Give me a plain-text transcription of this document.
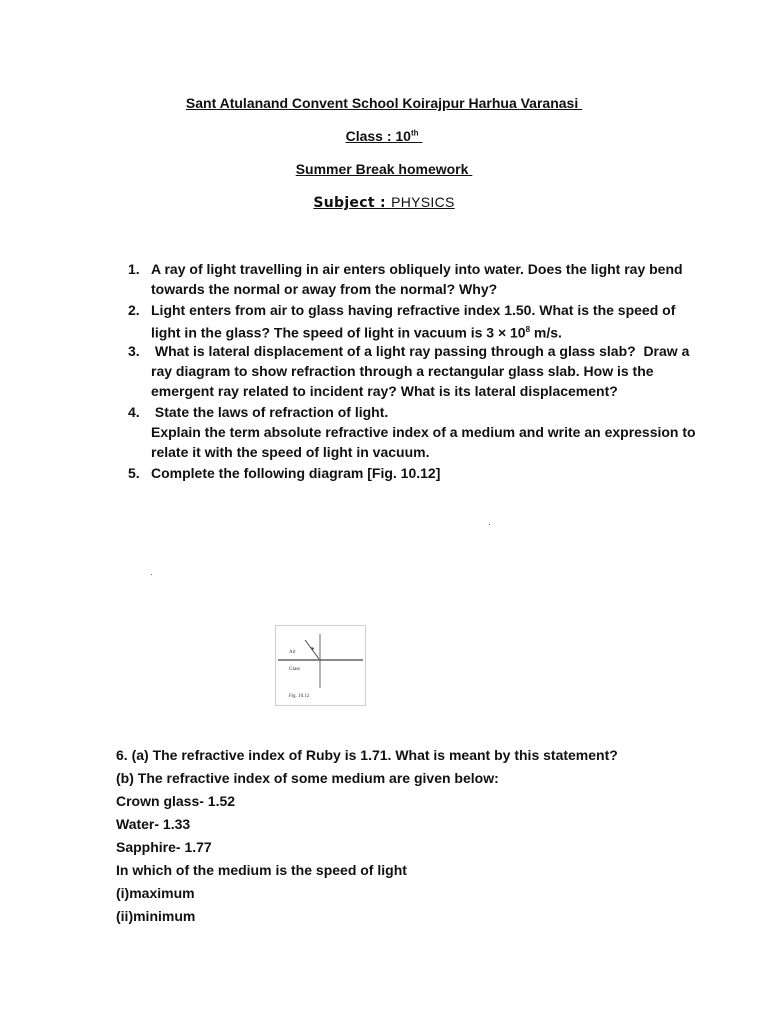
Sant Atulanand Convent School Koirajpur Harhua Varanasi
Class : 10th
Summer Break homework
Subject : PHYSICS
1. A ray of light travelling in air enters obliquely into water. Does the light ray bend
towards the normal or away from the normal? Why?
2. Light enters from air to glass having refractive index 1.50. What is the speed of
light in the glass? The speed of light in vacuum is $3 \times 10^8$ m/s.
3. What is lateral displacement of a light ray passing through a glass slab?  Draw a
ray diagram to show refraction through a rectangular glass slab. How is the
emergent ray related to incident ray? What is its lateral displacement?
4. State the laws of refraction of light.
Explain the term absolute refractive index of a medium and write an expression to
relate it with the speed of light in vacuum.
5. Complete the following diagram [Fig. 10.12]
Air
Glass
Fig. 10.12
6. (a) The refractive index of Ruby is 1.71. What is meant by this statement?
(b) The refractive index of some medium are given below:
Crown glass- 1.52
Water- 1.33
Sapphire- 1.77
In which of the medium is the speed of light
(i)maximum
(ii)minimum
